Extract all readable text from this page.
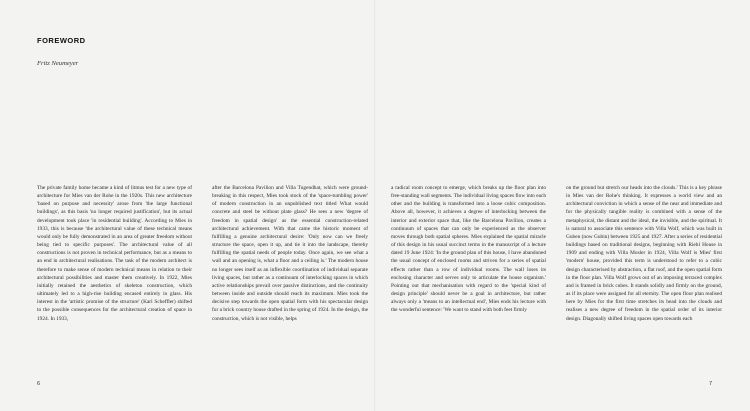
FOREWORD
Fritz Neumeyer

The private family home became a kind of litmus test for a new type of architecture for Mies van der Rohe in the 1920s. This new architecture 'based on purpose and necessity' arose from 'the large functional buildings', as this basis 'no longer required justification', but its actual development took place 'in residential building'. According to Mies in 1933, this is because 'the architectural value of these technical means would only be fully demonstrated in an area of greater freedom without being tied to specific purposes'. The architectural value of all constructions is not proven in technical performance, but as a means to an end in architectural realisations. The task of the modern architect is therefore to make sense of modern technical means in relation to their architectural possibilities and master them creatively. In 1922, Mies initially retained the aesthetics of skeleton construction, which ultimately led to a high-rise building encased entirely in glass. His interest in the 'artistic promise of the structure' (Karl Scheffler) shifted to the possible consequences for the architectural creation of space in 1924. In 1933,

after the Barcelona Pavilion and Villa Tugendhat, which were ground-breaking in this respect, Mies took stock of the 'space-tumbling power' of modern construction in an unpublished text titled What would concrete and steel be without plate glass? He sees a new 'degree of freedom in spatial design' as the essential construction-related architectural achievement. With that came the historic moment of fulfilling a genuine architectural desire: 'Only now can we freely structure the space, open it up, and tie it into the landscape, thereby fulfilling the spatial needs of people today. Once again, we see what a wall and an opening is, what a floor and a ceiling is.' The modern house no longer sees itself as an inflexible coordination of individual separate living spaces, but rather as a continuum of interlocking spaces in which active relationships prevail over passive distinctions, and the continuity between inside and outside should reach its maximum. Mies took the decisive step towards the open spatial form with his spectacular design for a brick country house drafted in the spring of 1924. In the design, the construction, which is not visible, helps

a radical room concept to emerge, which breaks up the floor plan into free-standing wall segments. The individual living spaces flow into each other and the building is transformed into a loose cubic composition. Above all, however, it achieves a degree of interlocking between the interior and exterior space that, like the Barcelona Pavilion, creates a continuum of spaces that can only be experienced as the observer moves through both spatial spheres. Mies explained the spatial miracle of this design in his usual succinct terms in the manuscript of a lecture dated 19 June 1924: 'In the ground plan of this house, I have abandoned the usual concept of enclosed rooms and striven for a series of spatial effects rather than a row of individual rooms. The wall loses its enclosing character and serves only to articulate the house organism.' Pointing out that mechanisation with regard to the 'special kind of design principle' should never be a goal in architecture, but rather always only a 'means to an intellectual end', Mies ends his lecture with the wonderful sentence: 'We want to stand with both feet firmly

on the ground but stretch our heads into the clouds.' This is a key phrase in Mies van der Rohe's thinking. It expresses a world view and an architectural conviction in which a sense of the near and immediate and for the physically tangible reality is combined with a sense of the metaphysical, the distant and the ideal, the invisible, and the spiritual. It is natural to associate this sentence with Villa Wolf, which was built in Guben (now Gubin) between 1925 and 1927. After a series of residential buildings based on traditional designs, beginning with Riehl House in 1909 and ending with Villa Mosler in 1924, Villa Wolf is Mies' first 'modern' house, provided this term is understood to refer to a cubic design characterised by abstraction, a flat roof, and the open spatial form in the floor plan. Villa Wolf grows out of an imposing terraced complex and is framed in brick cubes. It stands solidly and firmly on the ground, as if its place were assigned for all eternity. The open floor plan realised here by Mies for the first time stretches its head into the clouds and realises a new degree of freedom in the spatial order of its interior design. Diagonally shifted living spaces open towards each

6	7
